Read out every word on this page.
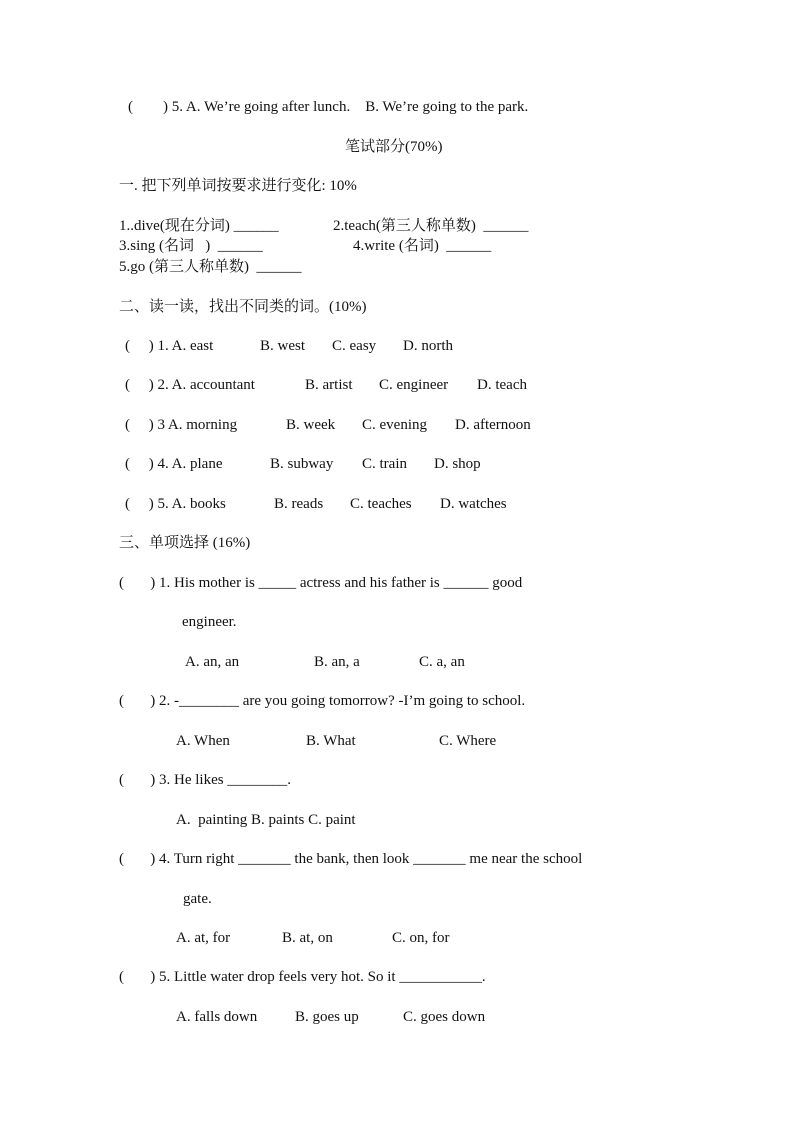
(        ) 5. A. We’re going after lunch.    B. We’re going to the park.
笔试部分(70%)
一. 把下列单词按要求进行变化: 10%
1..dive(现在分词) ______	2.teach(第三人称单数)  ______
3.sing (名词   )  ______	4.write (名词)  ______
5.go (第三人称单数)  ______
二、读一读，找出不同类的词。(10%)
(     ) 1. A. east	B. west C. easy D. north
(     ) 2. A. accountant	B. artist C. engineer D. teach
(     ) 3 A. morning	B. week C. evening D. afternoon
(     ) 4. A. plane	B. subway C. train D. shop
(     ) 5. A. books	B. reads C. teaches D. watches
三、单项选择 (16%)
(       ) 1. His mother is _____ actress and his father is ______ good
engineer.
A. an, an	B. an, a	C. a, an
(       ) 2. -________ are you going tomorrow? -I’m going to school.
A. When	B. What	C. Where
(       ) 3. He likes ________.
A.  painting B. paints C. paint
(       ) 4. Turn right _______ the bank, then look _______ me near the school
gate.
A. at, for	B. at, on	C. on, for
(       ) 5. Little water drop feels very hot. So it ___________.
A. falls down	B. goes up	C. goes down
